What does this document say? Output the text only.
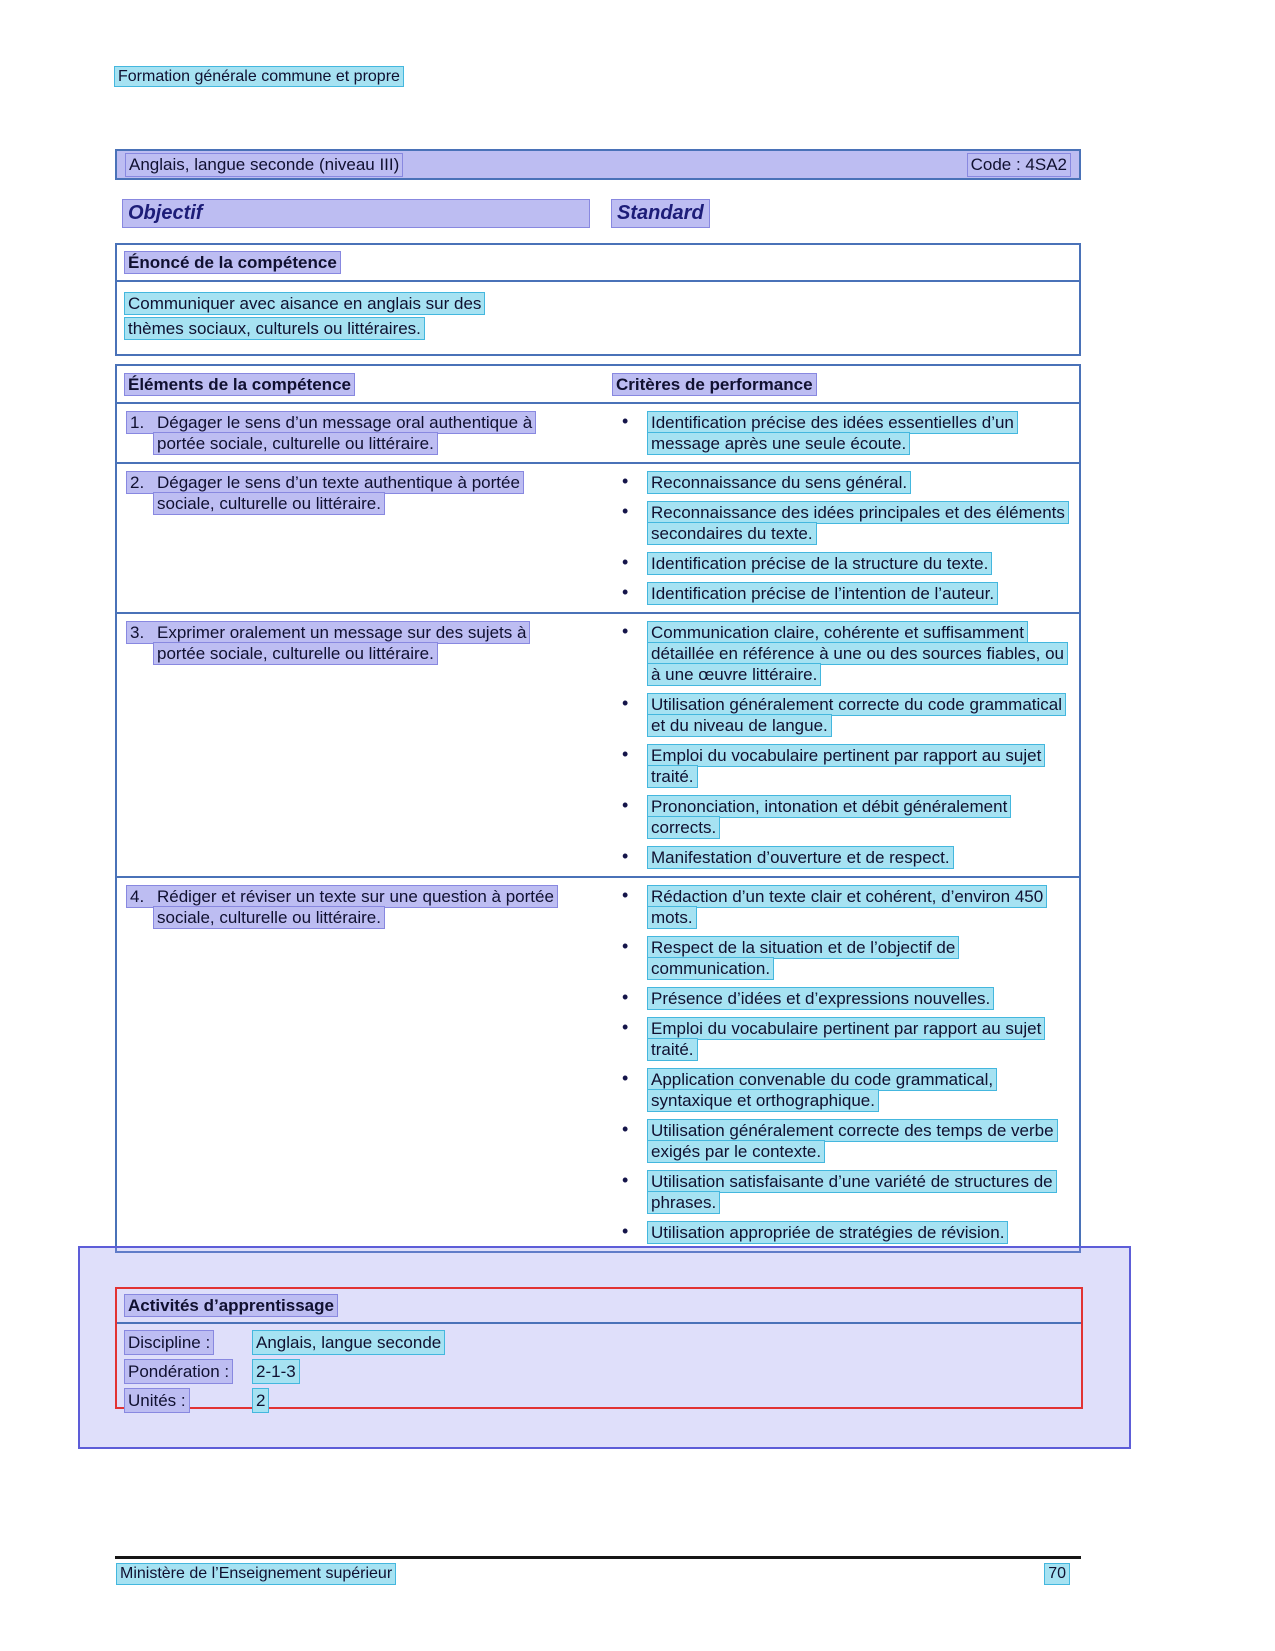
Formation générale commune et propre
Anglais, langue seconde (niveau III)	Code : 4SA2
Objectif	Standard
Énoncé de la compétence
Communiquer avec aisance en anglais sur des
thèmes sociaux, culturels ou littéraires.
Éléments de la compétence	Critères de performance
1. Dégager le sens d’un message oral authentique à portée sociale, culturelle ou littéraire.
• Identification précise des idées essentielles d’un message après une seule écoute.
2. Dégager le sens d’un texte authentique à portée sociale, culturelle ou littéraire.
• Reconnaissance du sens général.
• Reconnaissance des idées principales et des éléments secondaires du texte.
• Identification précise de la structure du texte.
• Identification précise de l’intention de l’auteur.
3. Exprimer oralement un message sur des sujets à portée sociale, culturelle ou littéraire.
• Communication claire, cohérente et suffisamment détaillée en référence à une ou des sources fiables, ou à une œuvre littéraire.
• Utilisation généralement correcte du code grammatical et du niveau de langue.
• Emploi du vocabulaire pertinent par rapport au sujet traité.
• Prononciation, intonation et débit généralement corrects.
• Manifestation d’ouverture et de respect.
4. Rédiger et réviser un texte sur une question à portée sociale, culturelle ou littéraire.
• Rédaction d’un texte clair et cohérent, d’environ 450 mots.
• Respect de la situation et de l’objectif de communication.
• Présence d’idées et d’expressions nouvelles.
• Emploi du vocabulaire pertinent par rapport au sujet traité.
• Application convenable du code grammatical, syntaxique et orthographique.
• Utilisation généralement correcte des temps de verbe exigés par le contexte.
• Utilisation satisfaisante d’une variété de structures de phrases.
• Utilisation appropriée de stratégies de révision.
Activités d’apprentissage
Discipline :	Anglais, langue seconde
Pondération : 2-1-3
Unités :	2
Ministère de l’Enseignement supérieur	70
